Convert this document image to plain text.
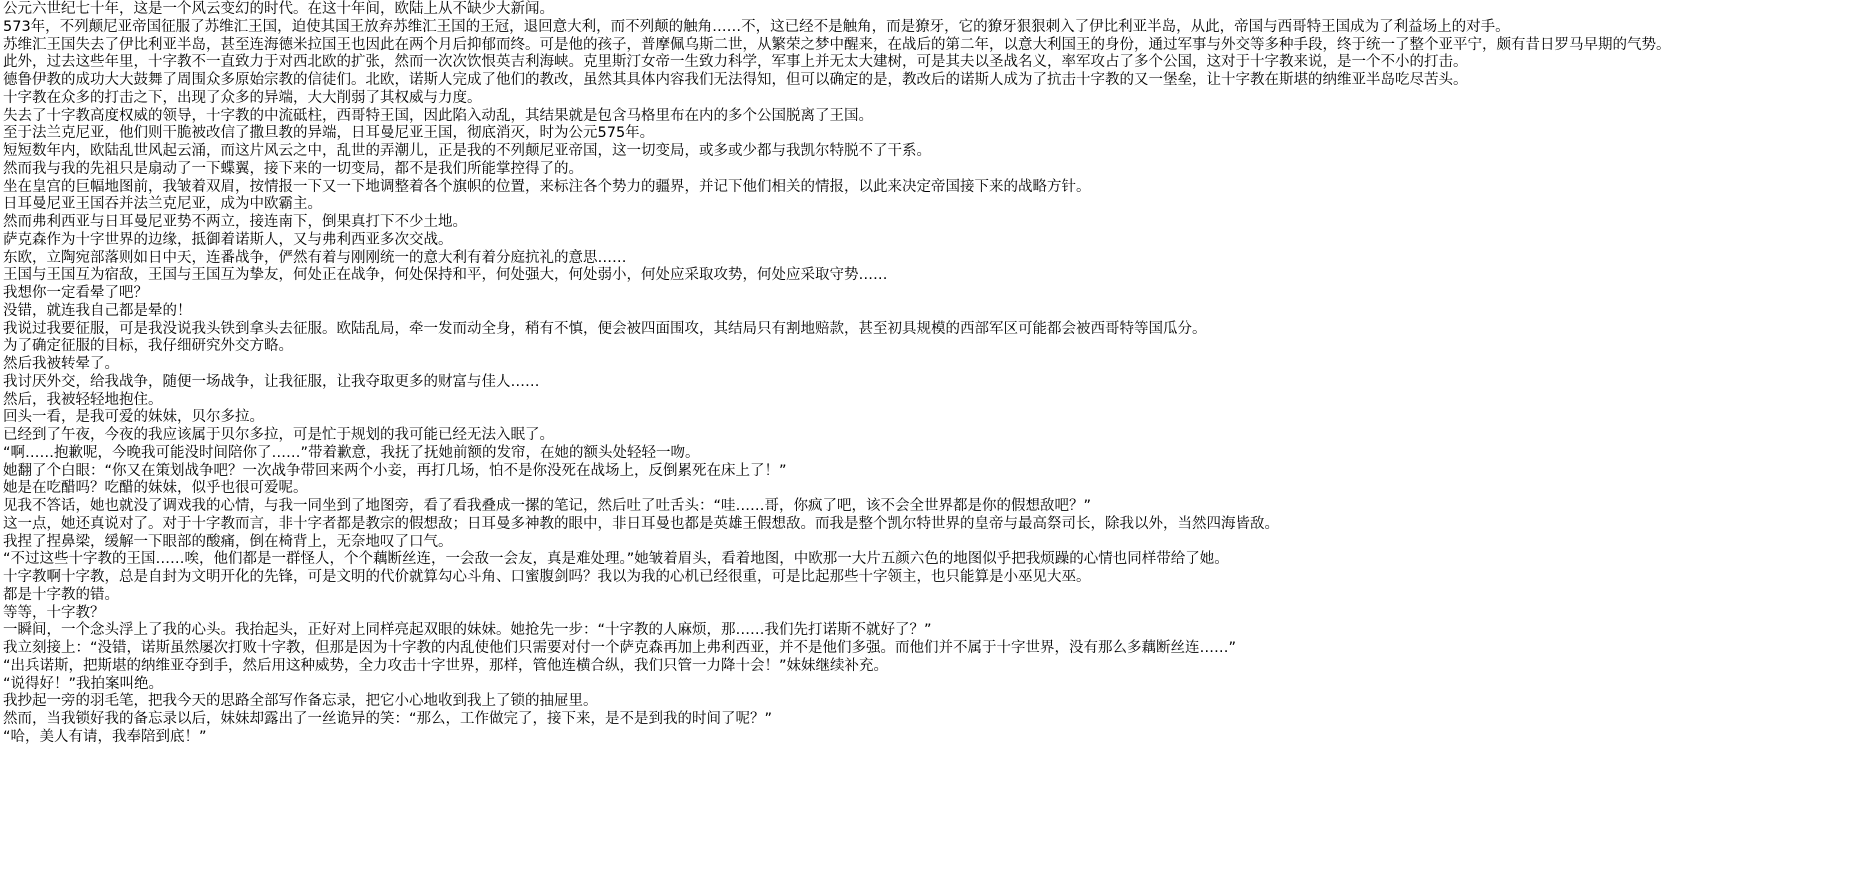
公元六世纪七十年，这是一个风云变幻的时代。在这十年间，欧陆上从不缺少大新闻。

573年，不列颠尼亚帝国征服了苏维汇王国，迫使其国王放弃苏维汇王国的王冠，退回意大利，而不列颠的触角……不，这已经不是触角，而是獠牙，它的獠牙狠狠刺入了伊比利亚半岛，从此，帝国与西哥特王国成为了利益场上的对手。

苏维汇王国失去了伊比利亚半岛，甚至连海德米拉国王也因此在两个月后抑郁而终。可是他的孩子，普摩佩乌斯二世，从繁荣之梦中醒来，在战后的第二年，以意大利国王的身份，通过军事与外交等多种手段，终于统一了整个亚平宁，颇有昔日罗马早期的气势。

此外，过去这些年里，十字教不一直致力于对西北欧的扩张，然而一次次饮恨英吉利海峡。克里斯汀女帝一生致力科学，军事上并无太大建树，可是其夫以圣战名义，率军攻占了多个公国，这对于十字教来说，是一个不小的打击。

德鲁伊教的成功大大鼓舞了周围众多原始宗教的信徒们。北欧，诺斯人完成了他们的教改，虽然其具体内容我们无法得知，但可以确定的是，教改后的诺斯人成为了抗击十字教的又一堡垒，让十字教在斯堪的纳维亚半岛吃尽苦头。

十字教在众多的打击之下，出现了众多的异端，大大削弱了其权威与力度。

失去了十字教高度权威的领导，十字教的中流砥柱，西哥特王国，因此陷入动乱，其结果就是包含马格里布在内的多个公国脱离了王国。

至于法兰克尼亚，他们则干脆被改信了撒旦教的异端，日耳曼尼亚王国，彻底消灭，时为公元575年。

短短数年内，欧陆乱世风起云涌，而这片风云之中，乱世的弄潮儿，正是我的不列颠尼亚帝国，这一切变局，或多或少都与我凯尔特脱不了干系。

然而我与我的先祖只是扇动了一下蝶翼，接下来的一切变局，都不是我们所能掌控得了的。

坐在皇宫的巨幅地图前，我皱着双眉，按情报一下又一下地调整着各个旗帜的位置，来标注各个势力的疆界，并记下他们相关的情报，以此来决定帝国接下来的战略方针。

日耳曼尼亚王国吞并法兰克尼亚，成为中欧霸主。

然而弗利西亚与日耳曼尼亚势不两立，接连南下，倒果真打下不少土地。

萨克森作为十字世界的边缘，抵御着诺斯人，又与弗利西亚多次交战。

东欧，立陶宛部落则如日中天，连番战争，俨然有着与刚刚统一的意大利有着分庭抗礼的意思……

王国与王国互为宿敌，王国与王国互为挚友，何处正在战争，何处保持和平，何处强大，何处弱小，何处应采取攻势，何处应采取守势……

我想你一定看晕了吧？

没错，就连我自己都是晕的！

我说过我要征服，可是我没说我头铁到拿头去征服。欧陆乱局，牵一发而动全身，稍有不慎，便会被四面围攻，其结局只有割地赔款，甚至初具规模的西部军区可能都会被西哥特等国瓜分。

为了确定征服的目标，我仔细研究外交方略。

然后我被转晕了。

我讨厌外交，给我战争，随便一场战争，让我征服，让我夺取更多的财富与佳人……

然后，我被轻轻地抱住。

回头一看，是我可爱的妹妹，贝尔多拉。

已经到了午夜，今夜的我应该属于贝尔多拉，可是忙于规划的我可能已经无法入眠了。

“啊……抱歉呢，今晚我可能没时间陪你了……”带着歉意，我抚了抚她前额的发帘，在她的额头处轻轻一吻。

她翻了个白眼：“你又在策划战争吧？一次战争带回来两个小妾，再打几场，怕不是你没死在战场上，反倒累死在床上了！”

她是在吃醋吗？吃醋的妹妹，似乎也很可爱呢。

见我不答话，她也就没了调戏我的心情，与我一同坐到了地图旁，看了看我叠成一摞的笔记，然后吐了吐舌头：“哇……哥，你疯了吧，该不会全世界都是你的假想敌吧？”

这一点，她还真说对了。对于十字教而言，非十字者都是教宗的假想敌；日耳曼多神教的眼中，非日耳曼也都是英雄王假想敌。而我是整个凯尔特世界的皇帝与最高祭司长，除我以外，当然四海皆敌。

我捏了捏鼻梁，缓解一下眼部的酸痛，倒在椅背上，无奈地叹了口气。

“不过这些十字教的王国……唉，他们都是一群怪人，个个藕断丝连，一会敌一会友，真是难处理。”她皱着眉头，看着地图，中欧那一大片五颜六色的地图似乎把我烦躁的心情也同样带给了她。

十字教啊十字教，总是自封为文明开化的先锋，可是文明的代价就算勾心斗角、口蜜腹剑吗？我以为我的心机已经很重，可是比起那些十字领主，也只能算是小巫见大巫。

都是十字教的错。

等等，十字教？

一瞬间，一个念头浮上了我的心头。我抬起头，正好对上同样亮起双眼的妹妹。她抢先一步：“十字教的人麻烦，那……我们先打诺斯不就好了？”

我立刻接上：“没错，诺斯虽然屡次打败十字教，但那是因为十字教的内乱使他们只需要对付一个萨克森再加上弗利西亚，并不是他们多强。而他们并不属于十字世界，没有那么多藕断丝连……”

“出兵诺斯，把斯堪的纳维亚夺到手，然后用这种威势，全力攻击十字世界，那样，管他连横合纵，我们只管一力降十会！”妹妹继续补充。

“说得好！”我拍案叫绝。

我抄起一旁的羽毛笔，把我今天的思路全部写作备忘录，把它小心地收到我上了锁的抽屉里。

然而，当我锁好我的备忘录以后，妹妹却露出了一丝诡异的笑：“那么，工作做完了，接下来，是不是到我的时间了呢？”

“哈，美人有请，我奉陪到底！”
